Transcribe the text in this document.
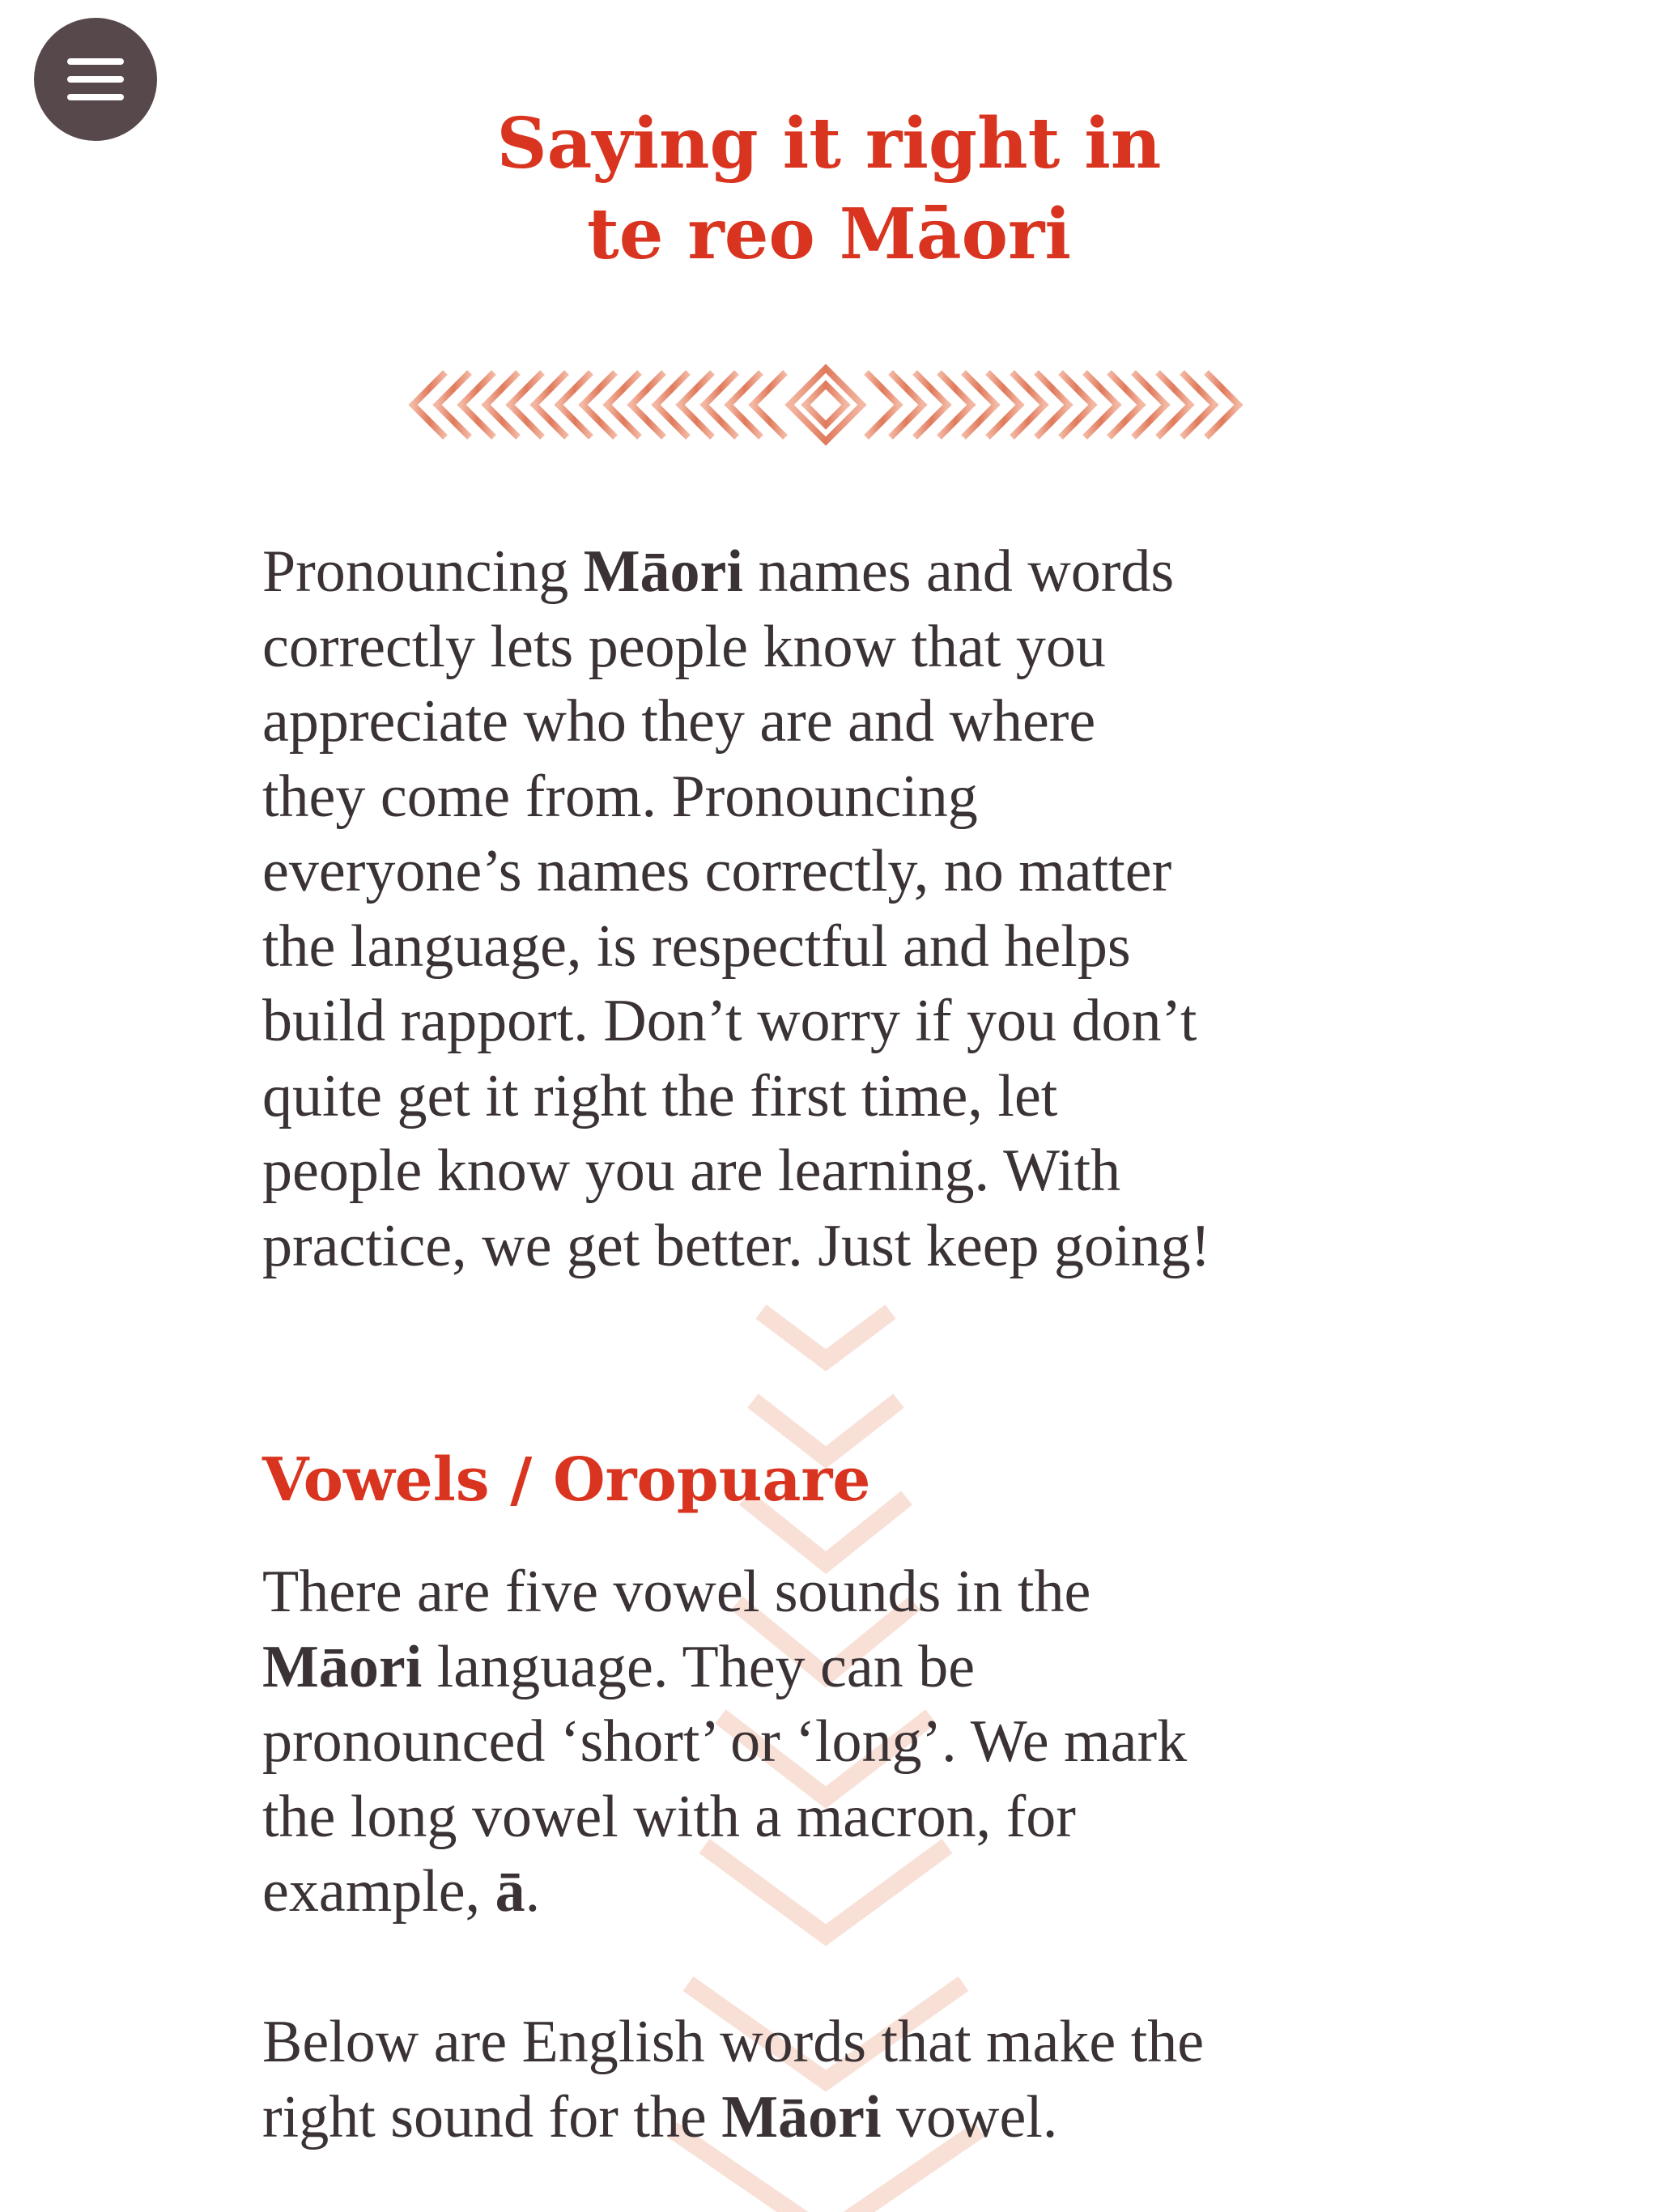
Saying it right in
te reo Māori

Pronouncing Māori names and words
correctly lets people know that you
appreciate who they are and where
they come from. Pronouncing
everyone’s names correctly, no matter
the language, is respectful and helps
build rapport. Don’t worry if you don’t
quite get it right the first time, let
people know you are learning. With
practice, we get better. Just keep going!

Vowels / Oropuare

There are five vowel sounds in the
Māori language. They can be
pronounced ‘short’ or ‘long’. We mark
the long vowel with a macron, for
example, ā.

Below are English words that make the
right sound for the Māori vowel.
